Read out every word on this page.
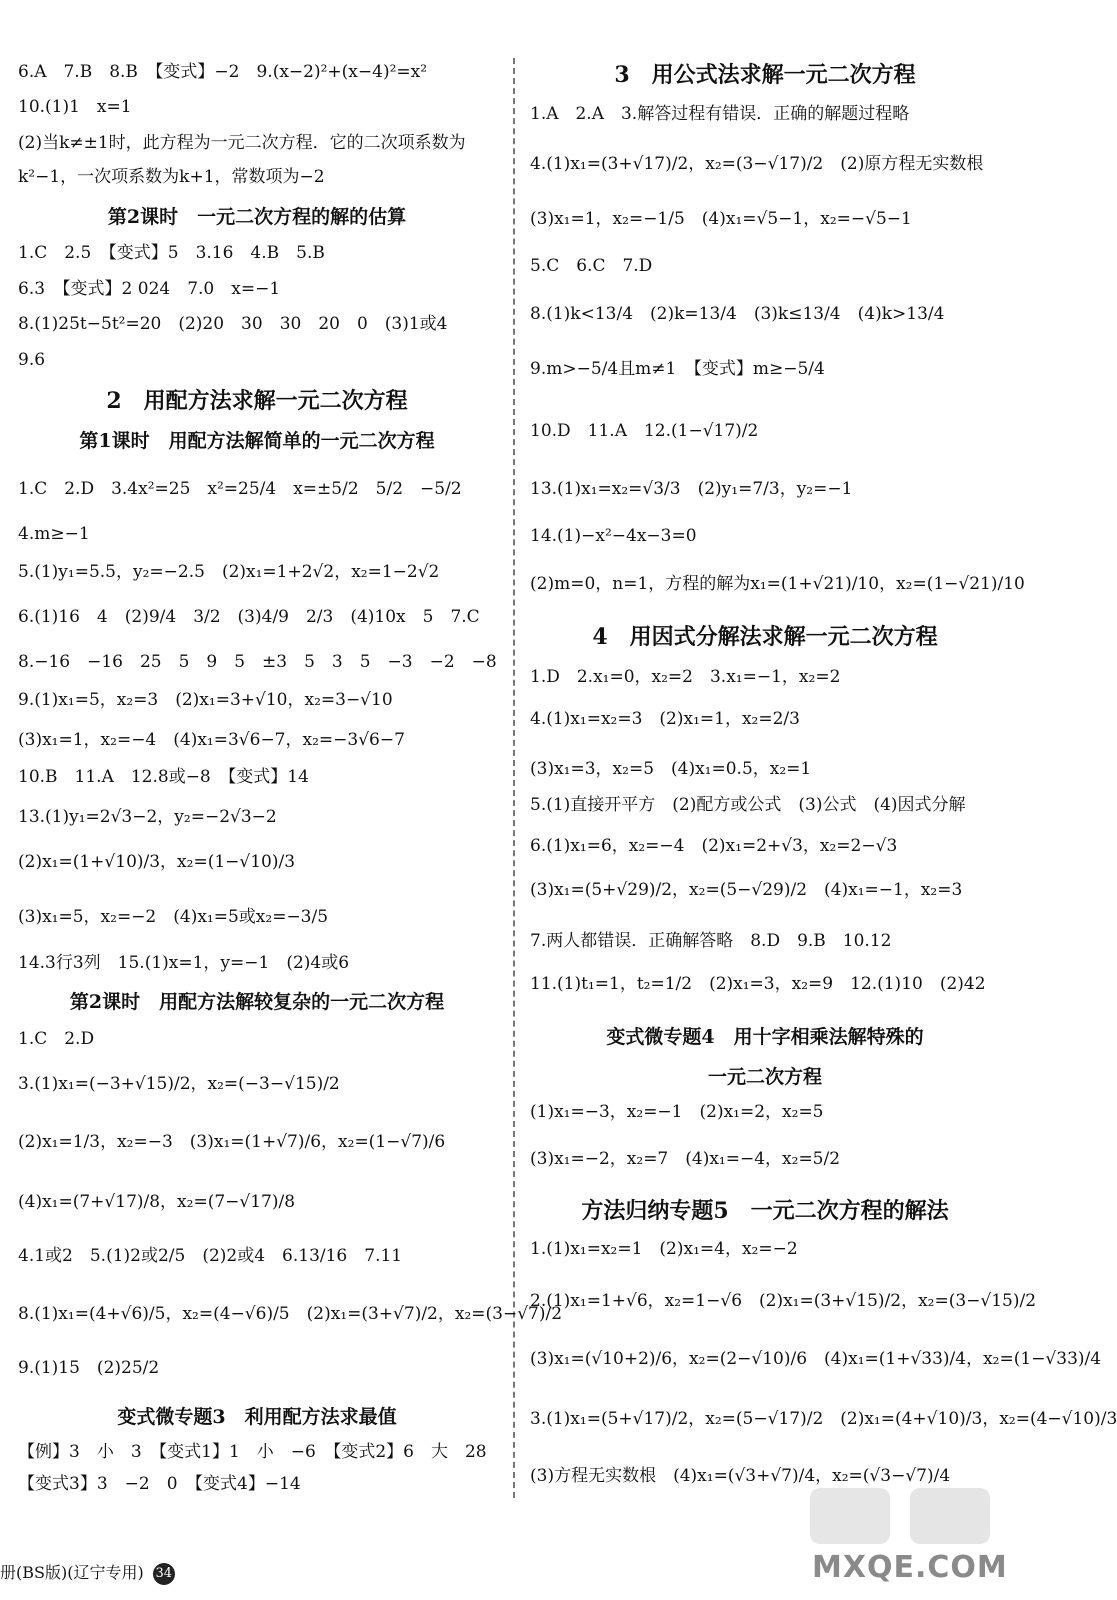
6.A　7.B　8.B　【变式】−2　9.(x−2)²+(x−4)²=x²
10.(1)1　x=1
(2)当k≠±1时，此方程为一元二次方程．它的二次项系数为
k²−1，一次项系数为k+1，常数项为−2
第2课时　一元二次方程的解的估算
1.C　2.5　【变式】5　3.16　4.B　5.B
6.3　【变式】2 024　7.0　x=−1
8.(1)25t−5t²=20　(2)20　30　30　20　0　(3)1或4
9.6
2　用配方法求解一元二次方程
第1课时　用配方法解简单的一元二次方程
1.C　2.D　3.4x²=25　x²=25/4　x=±5/2　5/2　−5/2
4.m≥−1
5.(1)y₁=5.5，y₂=−2.5　(2)x₁=1+2√2，x₂=1−2√2
6.(1)16　4　(2)9/4　3/2　(3)4/9　2/3　(4)10x　5　7.C
8.−16　−16　25　5　9　5　±3　5　3　5　−3　−2　−8
9.(1)x₁=5，x₂=3　(2)x₁=3+√10，x₂=3−√10
(3)x₁=1，x₂=−4　(4)x₁=3√6−7，x₂=−3√6−7
10.B　11.A　12.8或−8　【变式】14
13.(1)y₁=2√3−2，y₂=−2√3−2
(2)x₁=(1+√10)/3，x₂=(1−√10)/3
(3)x₁=5，x₂=−2　(4)x₁=5或x₂=−3/5
14.3行3列　15.(1)x=1，y=−1　(2)4或6
第2课时　用配方法解较复杂的一元二次方程
1.C　2.D
3.(1)x₁=(−3+√15)/2，x₂=(−3−√15)/2
(2)x₁=1/3，x₂=−3　(3)x₁=(1+√7)/6，x₂=(1−√7)/6
(4)x₁=(7+√17)/8，x₂=(7−√17)/8
4.1或2　5.(1)2或2/5　(2)2或4　6.13/16　7.11
8.(1)x₁=(4+√6)/5，x₂=(4−√6)/5　(2)x₁=(3+√7)/2，x₂=(3−√7)/2
9.(1)15　(2)25/2
变式微专题3　利用配方法求最值
【例】3　小　3　【变式1】1　小　−6　【变式2】6　大　28
【变式3】3　−2　0　【变式4】−14
3　用公式法求解一元二次方程
1.A　2.A　3.解答过程有错误．正确的解题过程略
4.(1)x₁=(3+√17)/2，x₂=(3−√17)/2　(2)原方程无实数根
(3)x₁=1，x₂=−1/5　(4)x₁=√5−1，x₂=−√5−1
5.C　6.C　7.D
8.(1)k<13/4　(2)k=13/4　(3)k≤13/4　(4)k>13/4
9.m>−5/4且m≠1　【变式】m≥−5/4
10.D　11.A　12.(1−√17)/2
13.(1)x₁=x₂=√3/3　(2)y₁=7/3，y₂=−1
14.(1)−x²−4x−3=0
(2)m=0，n=1，方程的解为x₁=(1+√21)/10，x₂=(1−√21)/10
4　用因式分解法求解一元二次方程
1.D　2.x₁=0，x₂=2　3.x₁=−1，x₂=2
4.(1)x₁=x₂=3　(2)x₁=1，x₂=2/3
(3)x₁=3，x₂=5　(4)x₁=0.5，x₂=1
5.(1)直接开平方　(2)配方或公式　(3)公式　(4)因式分解
6.(1)x₁=6，x₂=−4　(2)x₁=2+√3，x₂=2−√3
(3)x₁=(5+√29)/2，x₂=(5−√29)/2　(4)x₁=−1，x₂=3
7.两人都错误．正确解答略　8.D　9.B　10.12
11.(1)t₁=1，t₂=1/2　(2)x₁=3，x₂=9　12.(1)10　(2)42
变式微专题4　用十字相乘法解特殊的
一元二次方程
(1)x₁=−3，x₂=−1　(2)x₁=2，x₂=5
(3)x₁=−2，x₂=7　(4)x₁=−4，x₂=5/2
方法归纳专题5　一元二次方程的解法
1.(1)x₁=x₂=1　(2)x₁=4，x₂=−2
2.(1)x₁=1+√6，x₂=1−√6　(2)x₁=(3+√15)/2，x₂=(3−√15)/2
(3)x₁=(√10+2)/6，x₂=(2−√10)/6　(4)x₁=(1+√33)/4，x₂=(1−√33)/4
3.(1)x₁=(5+√17)/2，x₂=(5−√17)/2　(2)x₁=(4+√10)/3，x₂=(4−√10)/3
(3)方程无实数根　(4)x₁=(√3+√7)/4，x₂=(√3−√7)/4
册(BS版)(辽宁专用) 34	MXQE.COM
